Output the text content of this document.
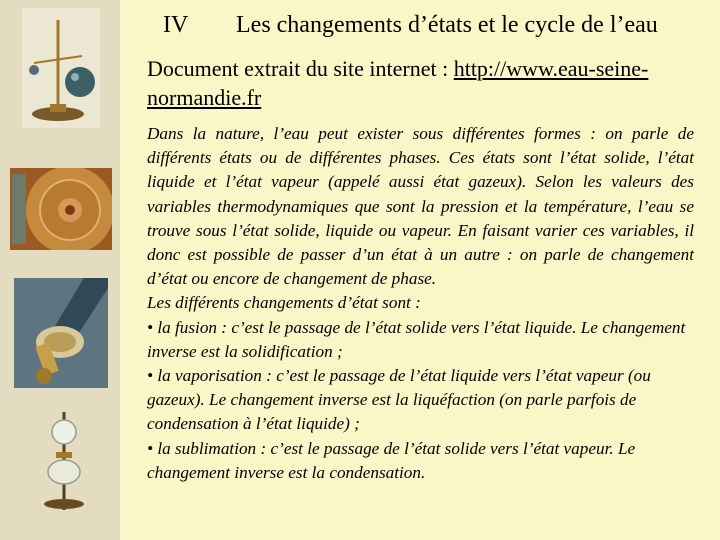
IV Les changements d’états et le cycle de l’eau
Document extrait du site internet : http://www.eau-seine-normandie.fr

Dans la nature, l’eau peut exister sous différentes formes : on parle de différents états ou de différentes phases. Ces états sont l’état solide, l’état liquide et l’état vapeur (appelé aussi état gazeux). Selon les valeurs des variables thermodynamiques que sont la pression et la température, l’eau se trouve sous l’état solide, liquide ou vapeur. En faisant varier ces variables, il donc est possible de passer d’un état à un autre : on parle de changement d’état ou encore de changement de phase.

Les différents changements d’état sont :

• la fusion : c’est le passage de l’état solide vers l’état liquide. Le changement inverse est la solidification ;

• la vaporisation : c’est le passage de l’état liquide vers l’état vapeur (ou gazeux). Le changement inverse est la liquéfaction (on parle parfois de condensation à l’état liquide) ;

• la sublimation : c’est le passage de l’état solide vers l’état vapeur. Le changement inverse est la condensation.
